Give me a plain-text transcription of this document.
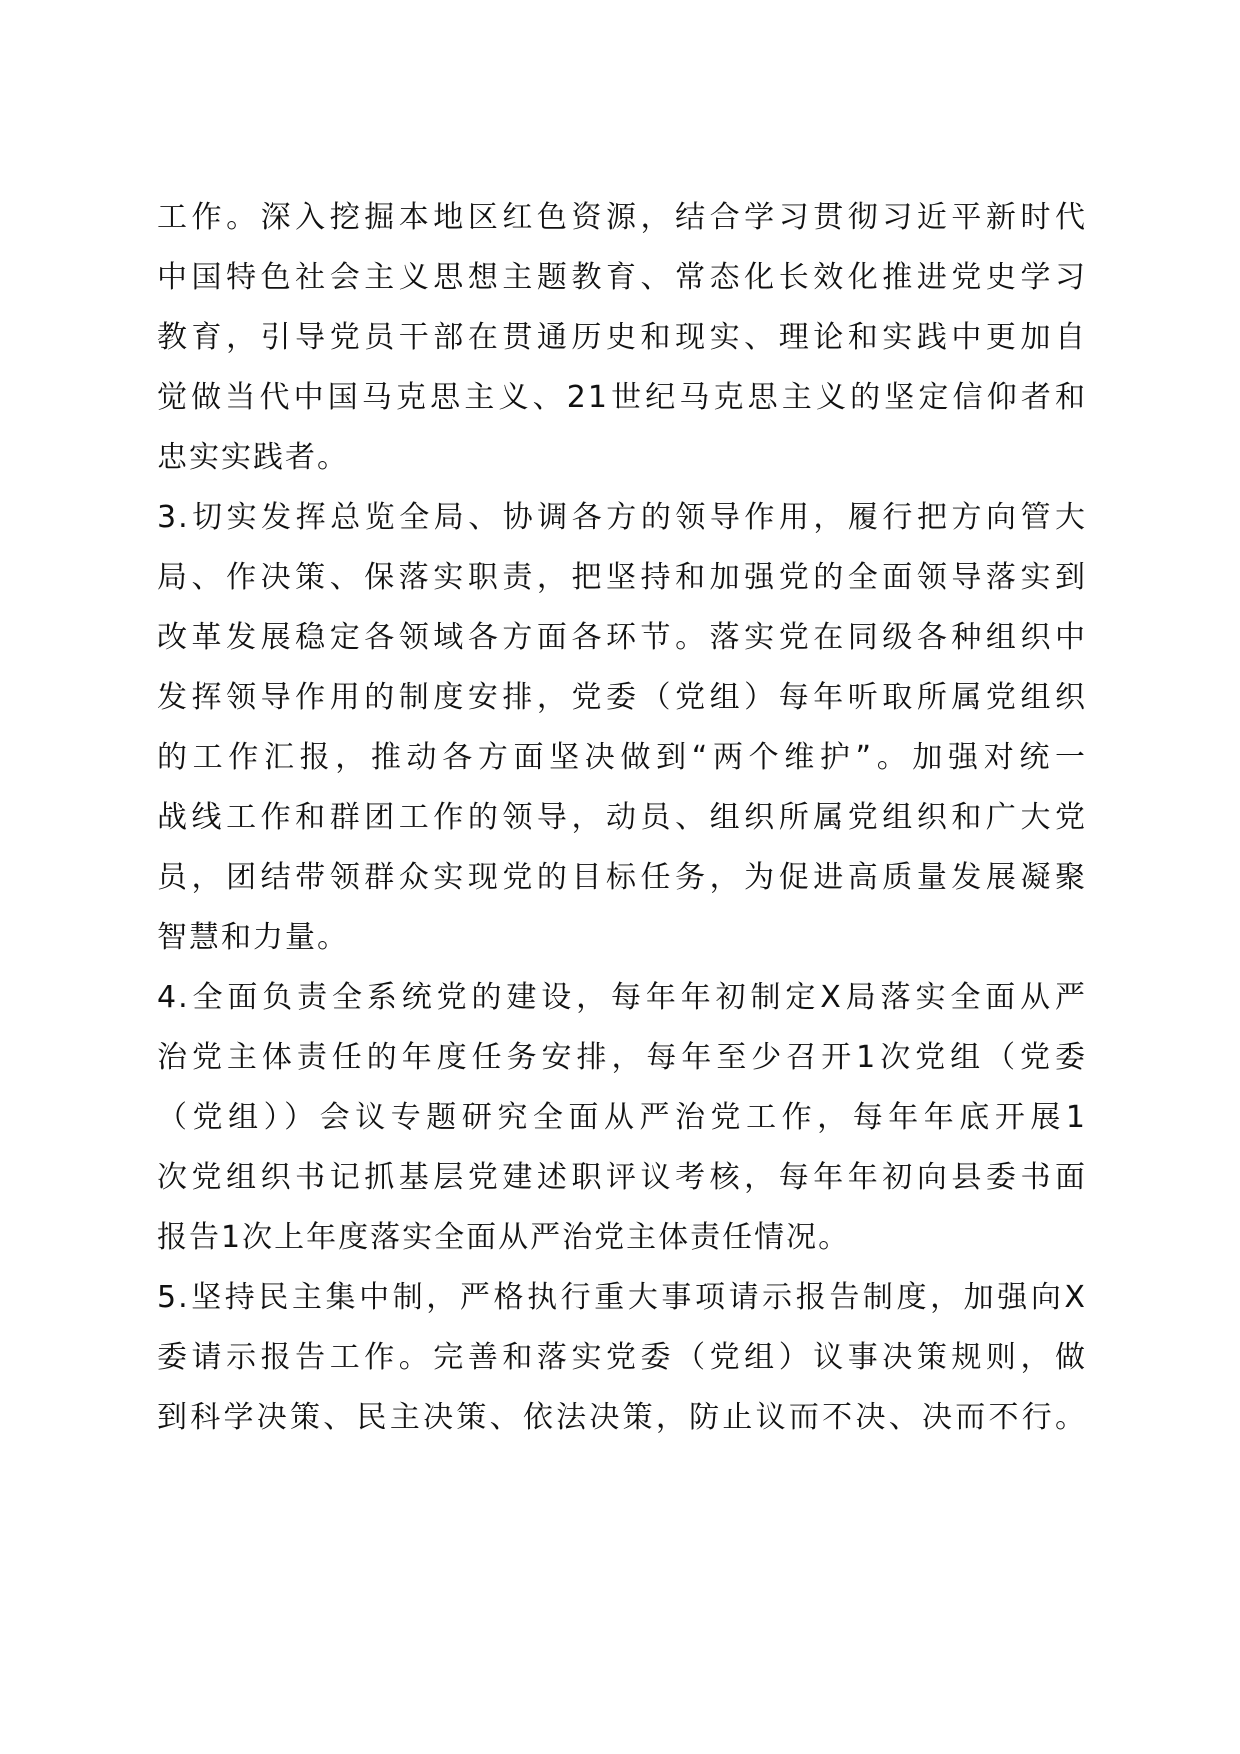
工作。深入挖掘本地区红色资源，结合学习贯彻习近平新时代
中国特色社会主义思想主题教育、常态化长效化推进党史学习
教育，引导党员干部在贯通历史和现实、理论和实践中更加自
觉做当代中国马克思主义、21世纪马克思主义的坚定信仰者和
忠实实践者。
3.切实发挥总览全局、协调各方的领导作用，履行把方向管大
局、作决策、保落实职责，把坚持和加强党的全面领导落实到
改革发展稳定各领域各方面各环节。落实党在同级各种组织中
发挥领导作用的制度安排，党委（党组）每年听取所属党组织
的工作汇报，推动各方面坚决做到“两个维护”。加强对统一
战线工作和群团工作的领导，动员、组织所属党组织和广大党
员，团结带领群众实现党的目标任务，为促进高质量发展凝聚
智慧和力量。
4.全面负责全系统党的建设，每年年初制定X局落实全面从严
治党主体责任的年度任务安排，每年至少召开1次党组（党委
（党组））会议专题研究全面从严治党工作，每年年底开展1
次党组织书记抓基层党建述职评议考核，每年年初向县委书面
报告1次上年度落实全面从严治党主体责任情况。
5.坚持民主集中制，严格执行重大事项请示报告制度，加强向X
委请示报告工作。完善和落实党委（党组）议事决策规则，做
到科学决策、民主决策、依法决策，防止议而不决、决而不行。
